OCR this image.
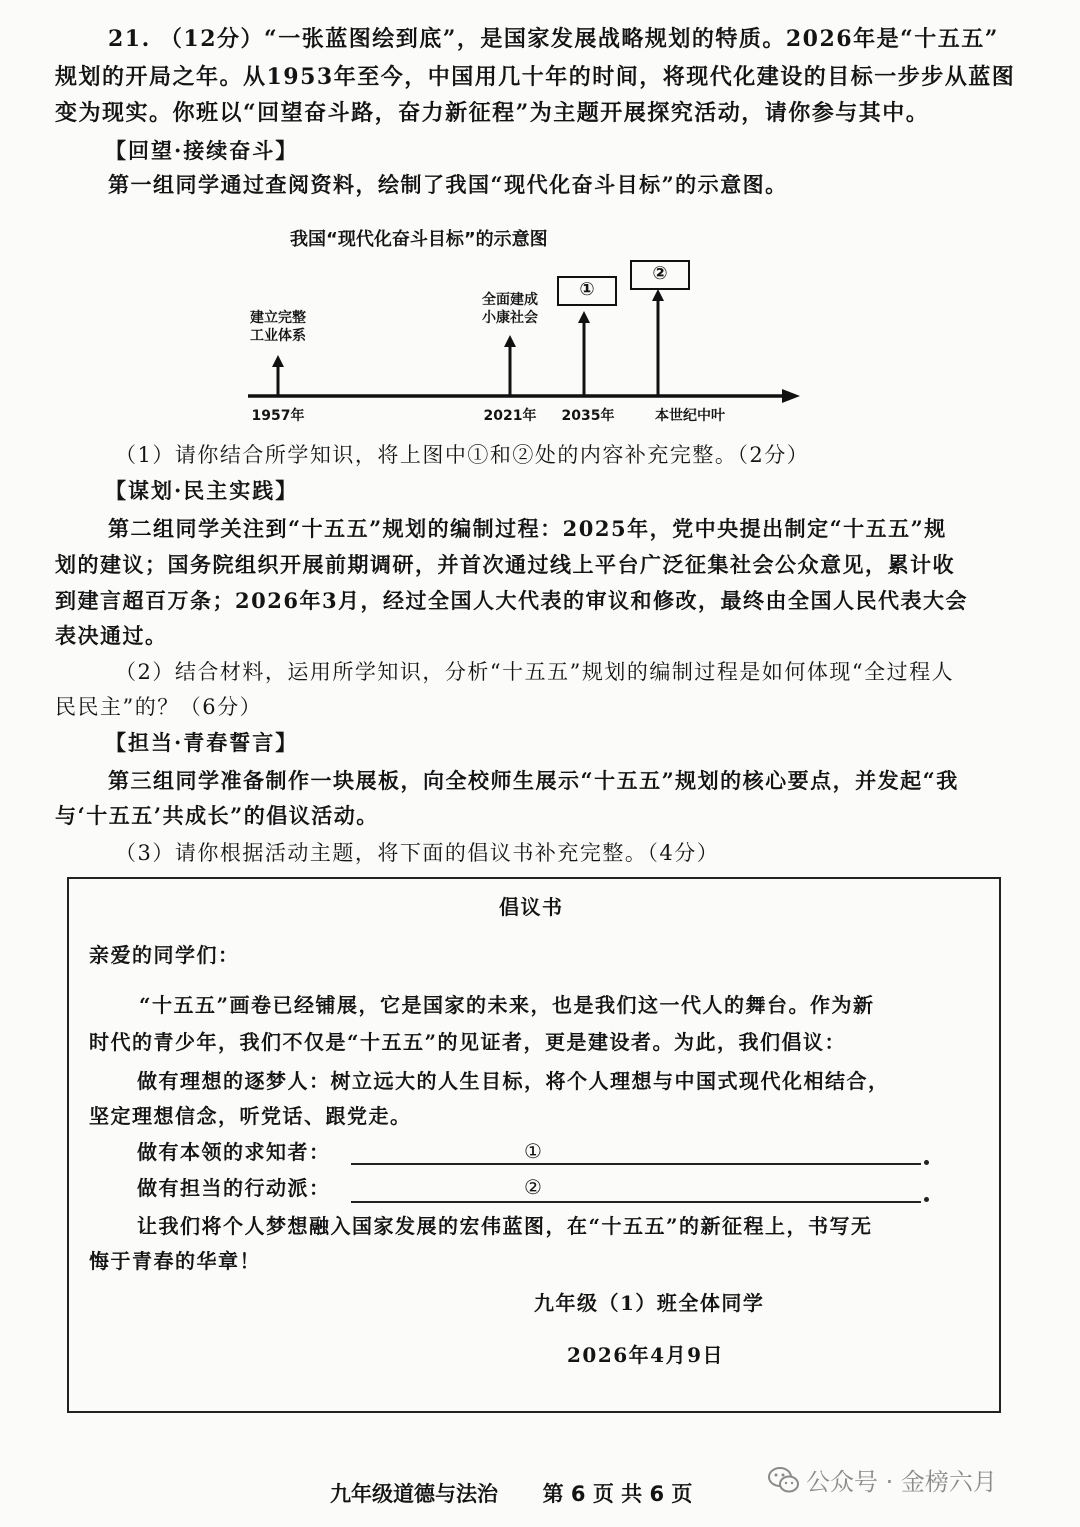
21. （12分）“一张蓝图绘到底”，是国家发展战略规划的特质。2026年是“十五五”
规划的开局之年。从1953年至今，中国用几十年的时间，将现代化建设的目标一步步从蓝图
变为现实。你班以“回望奋斗路，奋力新征程”为主题开展探究活动，请你参与其中。
【回望·接续奋斗】
第一组同学通过查阅资料，绘制了我国“现代化奋斗目标”的示意图。
我国“现代化奋斗目标”的示意图
建立完整
工业体系
全面建成
小康社会
①
②
1957年	2021年	2035年	本世纪中叶
（1）请你结合所学知识，将上图中①和②处的内容补充完整。（2分）
【谋划·民主实践】
第二组同学关注到“十五五”规划的编制过程：2025年，党中央提出制定“十五五”规
划的建议；国务院组织开展前期调研，并首次通过线上平台广泛征集社会公众意见，累计收
到建言超百万条；2026年3月，经过全国人大代表的审议和修改，最终由全国人民代表大会
表决通过。
（2）结合材料，运用所学知识，分析“十五五”规划的编制过程是如何体现“全过程人
民民主”的？（6分）
【担当·青春誓言】
第三组同学准备制作一块展板，向全校师生展示“十五五”规划的核心要点，并发起“我
与‘十五五’共成长”的倡议活动。
（3）请你根据活动主题，将下面的倡议书补充完整。（4分）
倡议书
亲爱的同学们：
“十五五”画卷已经铺展，它是国家的未来，也是我们这一代人的舞台。作为新
时代的青少年，我们不仅是“十五五”的见证者，更是建设者。为此，我们倡议：
做有理想的逐梦人：树立远大的人生目标，将个人理想与中国式现代化相结合，
坚定理想信念，听党话、跟党走。
做有本领的求知者：	①
做有担当的行动派：	②
让我们将个人梦想融入国家发展的宏伟蓝图，在“十五五”的新征程上，书写无
悔于青春的华章！
九年级（1）班全体同学
2026年4月9日
九年级道德与法治 第 6 页 共 6 页	公众号 · 金榜六月
